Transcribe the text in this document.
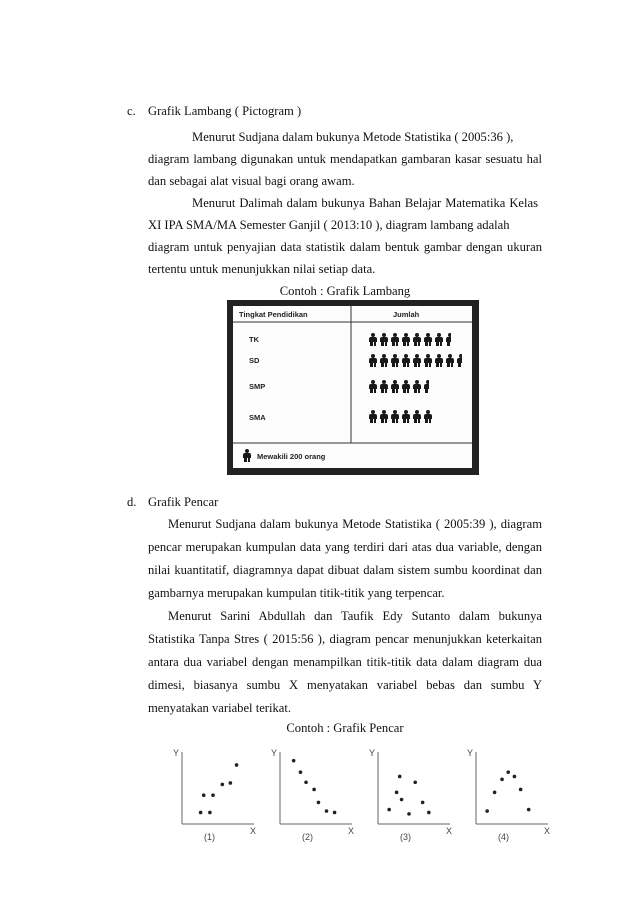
c. Grafik Lambang ( Pictogram )
Menurut Sudjana dalam bukunya Metode Statistika ( 2005:36 ),
diagram lambang digunakan untuk mendapatkan gambaran kasar sesuatu hal
dan sebagai alat visual bagi orang awam.
Menurut Dalimah dalam bukunya Bahan Belajar Matematika Kelas
XI IPA SMA/MA Semester Ganjil ( 2013:10 ), diagram lambang adalah
diagram untuk penyajian data statistik dalam bentuk gambar dengan ukuran
tertentu untuk menunjukkan nilai setiap data.
Contoh : Grafik Lambang
Tingkat Pendidikan	Jumlah
TK
SD
SMP
SMA
Mewakili 200 orang
d. Grafik Pencar
Menurut Sudjana dalam bukunya Metode Statistika ( 2005:39 ), diagram
pencar merupakan kumpulan data yang terdiri dari atas dua variable, dengan
nilai kuantitatif, diagramnya dapat dibuat dalam sistem sumbu koordinat dan
gambarnya merupakan kumpulan titik-titik yang terpencar.
Menurut Sarini Abdullah dan Taufik Edy Sutanto dalam bukunya
Statistika Tanpa Stres ( 2015:56 ), diagram pencar menunjukkan keterkaitan
antara dua variabel dengan menampilkan titik-titik data dalam diagram dua
dimesi, biasanya sumbu X menyatakan variabel bebas dan sumbu Y
menyatakan variabel terikat.
Contoh : Grafik Pencar
Y
X
(1)
Y
X
(2)
Y
X
(3)
Y
X
(4)
